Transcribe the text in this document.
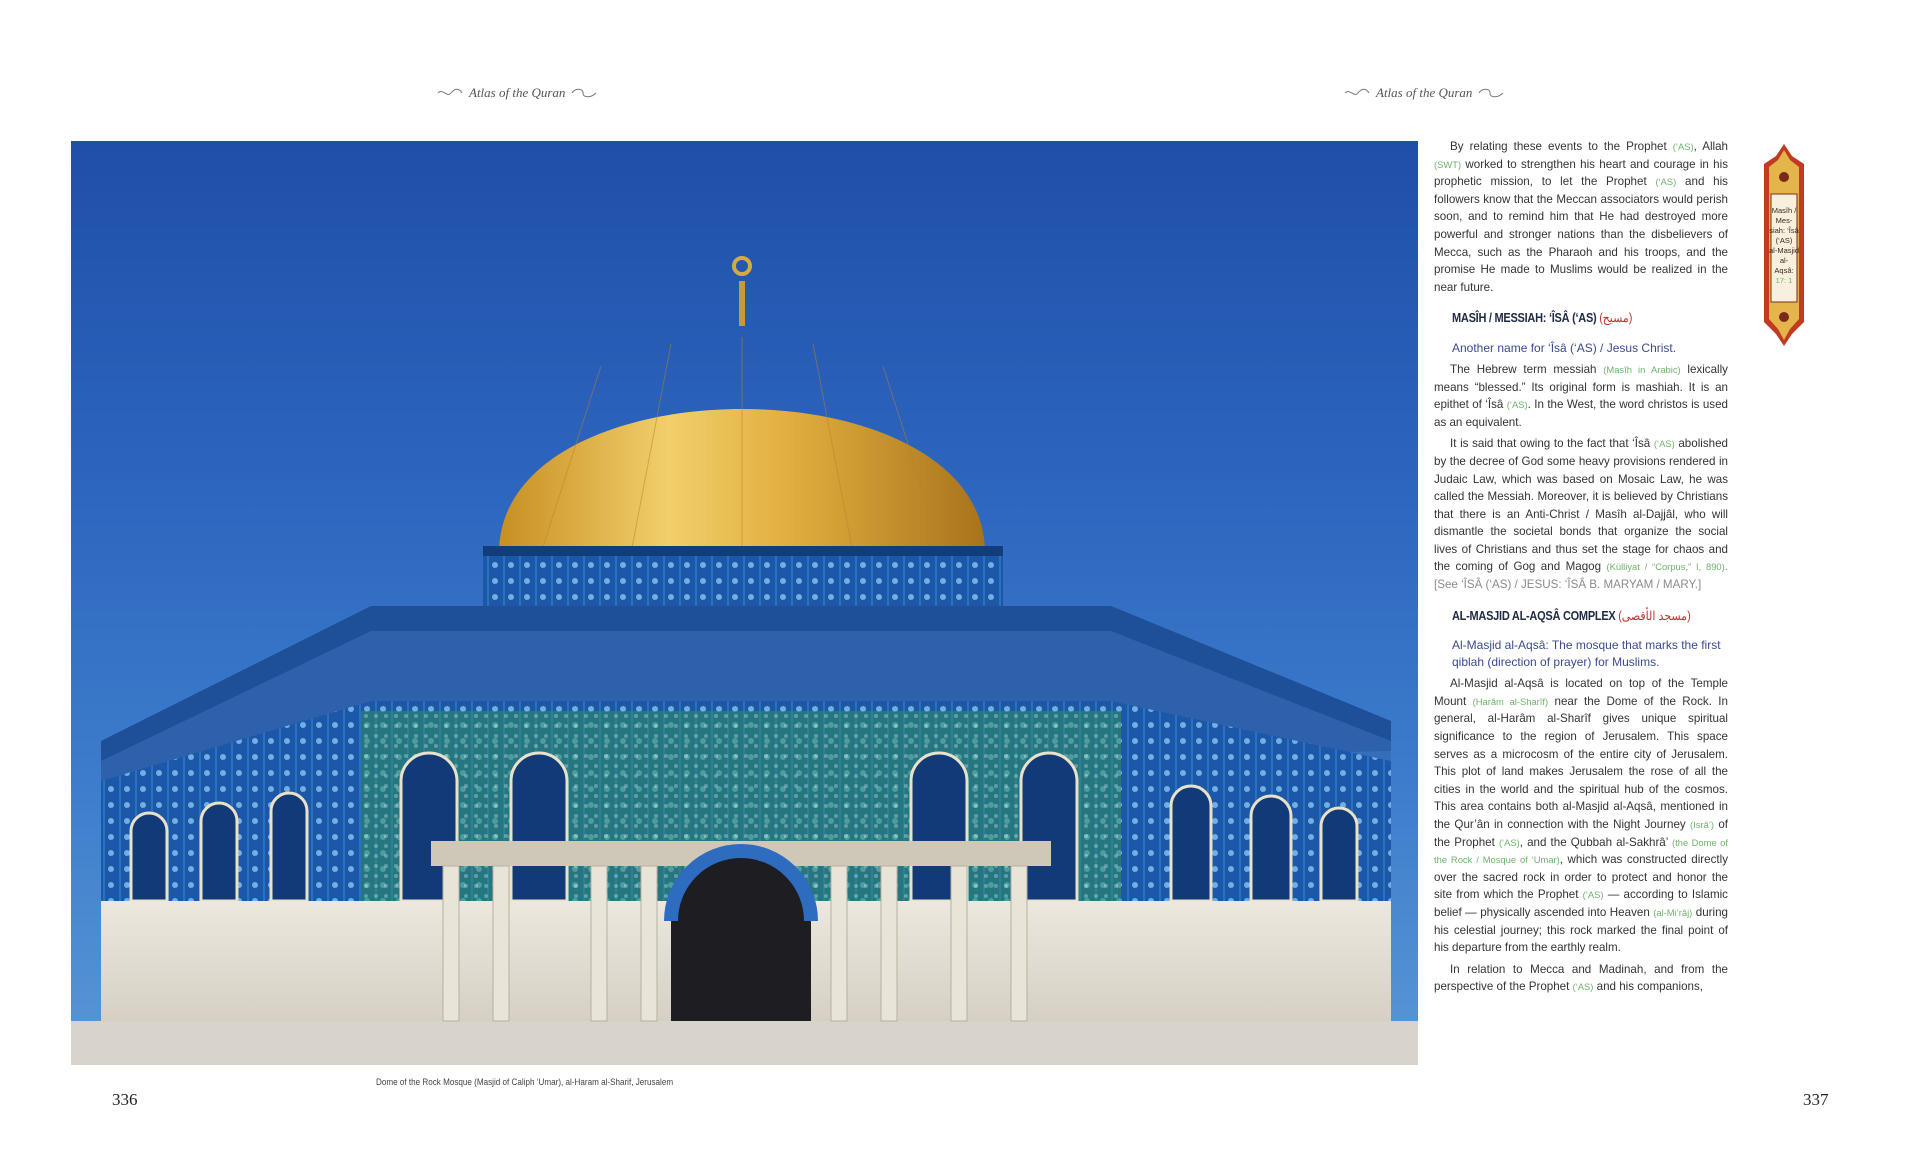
Atlas of the Quran	Atlas of the Quran
Dome of the Rock Mosque (Masjid of Caliph ‘Umar), al-Haram al-Sharif, Jerusalem
336	337
Masîh / Mes-
siah: ‘Îsâ
(‘AS)
al-Masjid al-
Aqsâ:
17: 1

By relating these events to the Prophet (‘AS), Allah (SWT) worked to strengthen his heart and courage in his prophetic mission, to let the Prophet (‘AS) and his followers know that the Meccan associators would perish soon, and to remind him that He had destroyed more powerful and stronger nations than the disbelievers of Mecca, such as the Pharaoh and his troops, and the promise He made to Muslims would be realized in the near future.

MASÎH / MESSIAH: ‘ÎSÂ (‘AS) (مسيح)

Another name for ‘Îsâ (‘AS) / Jesus Christ.

The Hebrew term messiah (Masîh in Arabic) lexically means “blessed.” Its original form is mashiah. It is an epithet of ‘Îsâ (‘AS). In the West, the word christos is used as an equivalent.

It is said that owing to the fact that ‘Îsâ (‘AS) abolished by the decree of God some heavy provisions rendered in Judaic Law, which was based on Mosaic Law, he was called the Messiah. Moreover, it is believed by Christians that there is an Anti-Christ / Masîh al-Dajjâl, who will dismantle the societal bonds that organize the social lives of Christians and thus set the stage for chaos and the coming of Gog and Magog (Külliyat / “Corpus,” I, 890). [See ‘ÎSÂ (‘AS) / JESUS: ‘ÎSÂ B. MARYAM / MARY.]

AL-MASJID AL-AQSÂ COMPLEX (مسجد الأقصى)

Al-Masjid al-Aqsâ: The mosque that marks the first qiblah (direction of prayer) for Muslims.

Al-Masjid al-Aqsâ is located on top of the Temple Mount (Harâm al-Sharîf) near the Dome of the Rock. In general, al-Harâm al-Sharîf gives unique spiritual significance to the region of Jerusalem. This space serves as a microcosm of the entire city of Jerusalem. This plot of land makes Jerusalem the rose of all the cities in the world and the spiritual hub of the cosmos. This area contains both al-Masjid al-Aqsâ, mentioned in the Qur’ân in connection with the Night Journey (Isrâ’) of the Prophet (‘AS), and the Qubbah al-Sakhrâ’ (the Dome of the Rock / Mosque of ‘Umar), which was constructed directly over the sacred rock in order to protect and honor the site from which the Prophet (‘AS) — according to Islamic belief — physically ascended into Heaven (al-Mi’râj) during his celestial journey; this rock marked the final point of his departure from the earthly realm.

In relation to Mecca and Madinah, and from the perspective of the Prophet (‘AS) and his companions,
